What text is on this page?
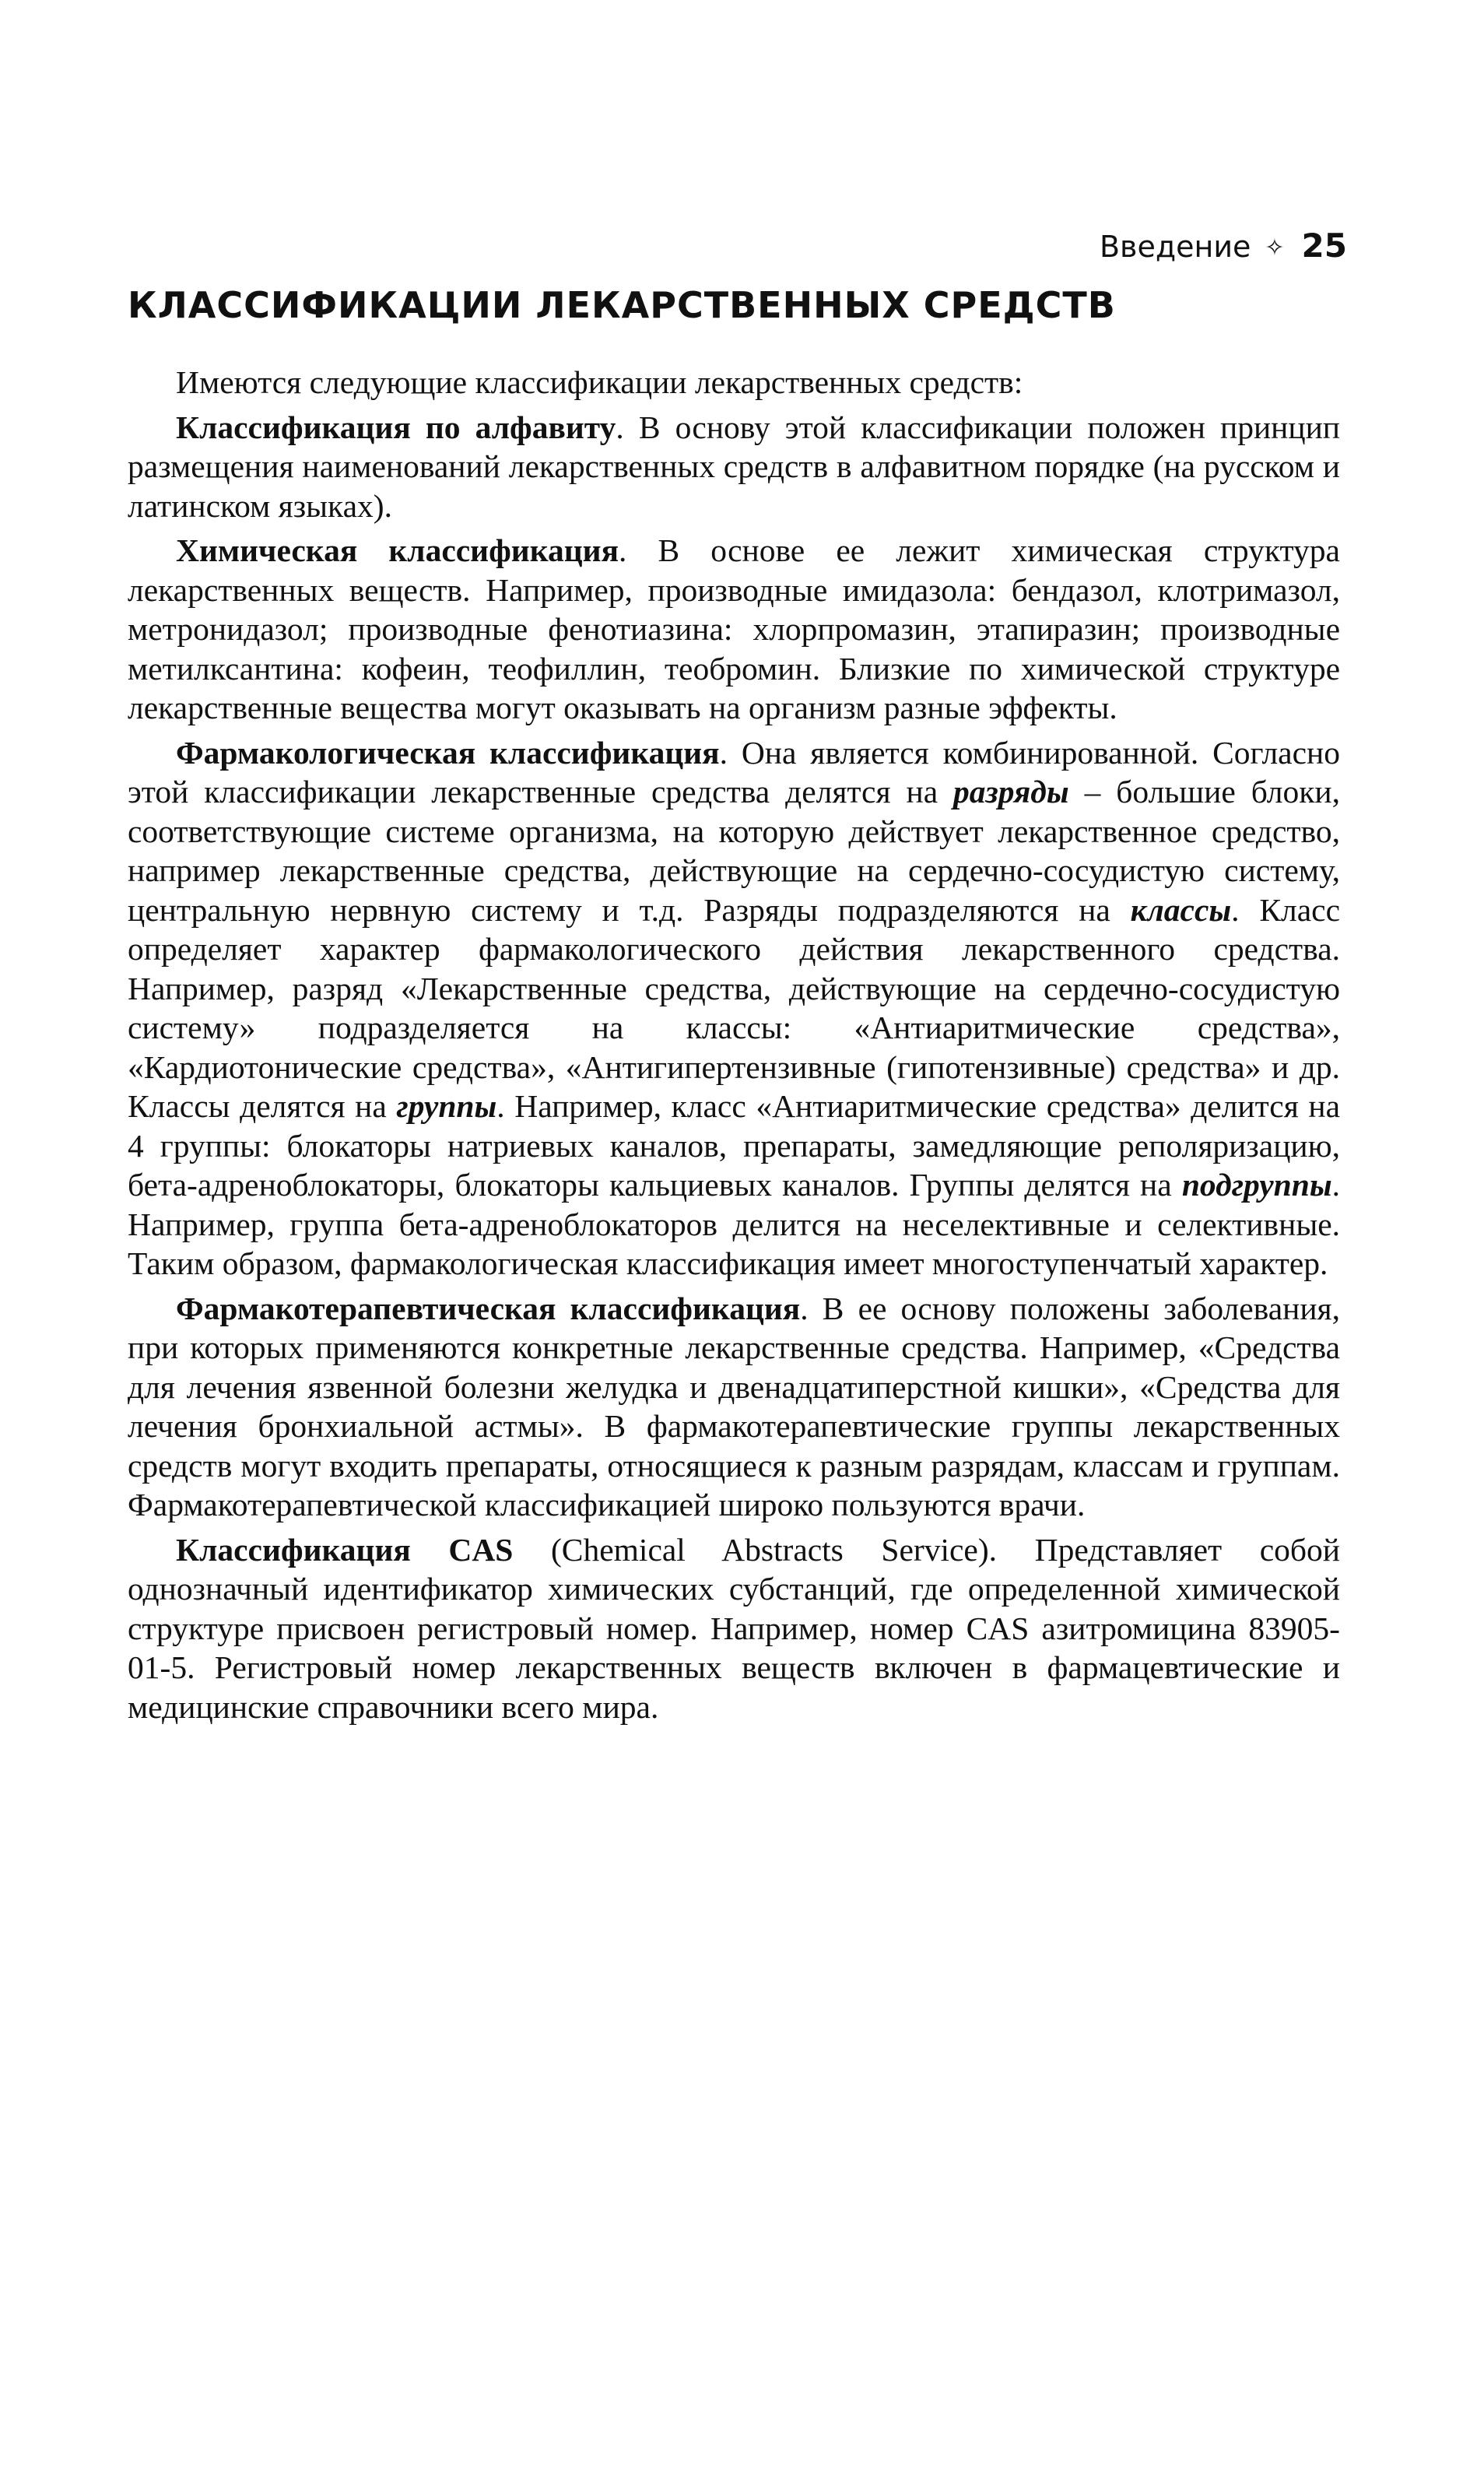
Введение ✧ 25
КЛАССИФИКАЦИИ ЛЕКАРСТВЕННЫХ СРЕДСТВ

Имеются следующие классификации лекарственных средств:

Классификация по алфавиту. В основу этой классификации положен принцип размещения наименований лекарственных средств в алфавитном порядке (на русском и латинском языках).

Химическая классификация. В основе ее лежит химическая структура лекарственных веществ. Например, производные имидазола: бендазол, клотримазол, метронидазол; производные фенотиазина: хлорпромазин, этапиразин; производные метилксантина: кофеин, теофиллин, теобромин. Близкие по химической структуре лекарственные вещества могут оказывать на организм разные эффекты.

Фармакологическая классификация. Она является комбинированной. Согласно этой классификации лекарственные средства делятся на разряды – большие блоки, соответствующие системе организма, на которую действует лекарственное средство, например лекарственные средства, действующие на сердечно-сосудистую систему, центральную нервную систему и т.д. Разряды подразделяются на классы. Класс определяет характер фармакологического действия лекарственного средства. Например, разряд «Лекарственные средства, действующие на сердечно-сосудистую систему» подразделяется на классы: «Антиаритмические средства», «Кардиотонические средства», «Антигипертензивные (гипотензивные) средства» и др. Классы делятся на группы. Например, класс «Антиаритмические средства» делится на 4 группы: блокаторы натриевых каналов, препараты, замедляющие реполяризацию, бета-адреноблокаторы, блокаторы кальциевых каналов. Группы делятся на подгруппы. Например, группа бета-адреноблокаторов делится на неселективные и селективные. Таким образом, фармакологическая классификация имеет многоступенчатый характер.

Фармакотерапевтическая классификация. В ее основу положены заболевания, при которых применяются конкретные лекарственные средства. Например, «Средства для лечения язвенной болезни желудка и двенадцатиперстной кишки», «Средства для лечения бронхиальной астмы». В фармакотерапевтические группы лекарственных средств могут входить препараты, относящиеся к разным разрядам, классам и группам. Фармакотерапевтической классификацией широко пользуются врачи.

Классификация CAS (Chemical Abstracts Service). Представляет собой однозначный идентификатор химических субстанций, где определенной химической структуре присвоен регистровый номер. Например, номер CAS азитромицина 83905-01-5. Регистровый номер лекарственных веществ включен в фармацевтические и медицинские справочники всего мира.
